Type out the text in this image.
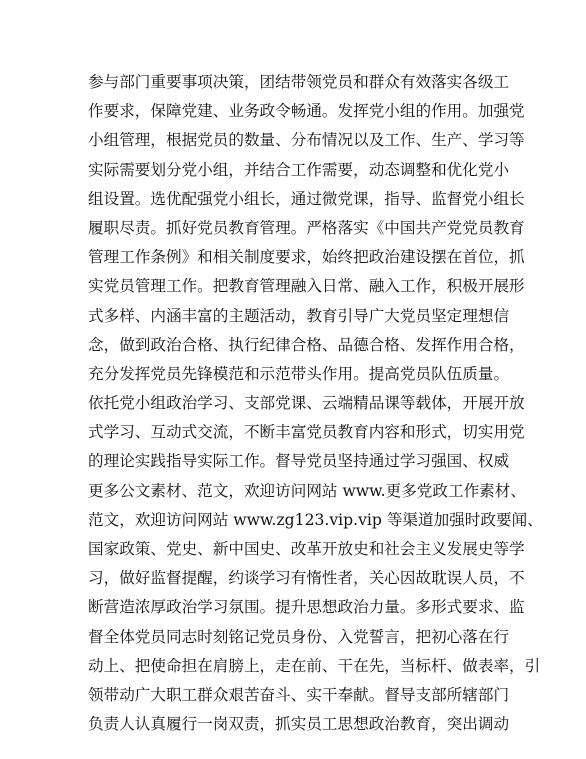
参与部门重要事项决策，团结带领党员和群众有效落实各级工
作要求，保障党建、业务政令畅通。发挥党小组的作用。加强党
小组管理，根据党员的数量、分布情况以及工作、生产、学习等
实际需要划分党小组，并结合工作需要，动态调整和优化党小
组设置。选优配强党小组长，通过微党课，指导、监督党小组长
履职尽责。抓好党员教育管理。严格落实《中国共产党党员教育
管理工作条例》和相关制度要求，始终把政治建设摆在首位，抓
实党员管理工作。把教育管理融入日常、融入工作，积极开展形
式多样、内涵丰富的主题活动，教育引导广大党员坚定理想信
念，做到政治合格、执行纪律合格、品德合格、发挥作用合格，
充分发挥党员先锋模范和示范带头作用。提高党员队伍质量。
依托党小组政治学习、支部党课、云端精品课等载体，开展开放
式学习、互动式交流，不断丰富党员教育内容和形式，切实用党
的理论实践指导实际工作。督导党员坚持通过学习强国、权威
更多公文素材、范文，欢迎访问网站 www.更多党政工作素材、
范文，欢迎访问网站 www.zg123.vip.vip 等渠道加强时政要闻、
国家政策、党史、新中国史、改革开放史和社会主义发展史等学
习，做好监督提醒，约谈学习有惰性者，关心因故耽误人员，不
断营造浓厚政治学习氛围。提升思想政治力量。多形式要求、监
督全体党员同志时刻铭记党员身份、入党誓言，把初心落在行
动上、把使命担在肩膀上，走在前、干在先，当标杆、做表率，引
领带动广大职工群众艰苦奋斗、实干奉献。督导支部所辖部门
负责人认真履行一岗双责，抓实员工思想政治教育，突出调动
